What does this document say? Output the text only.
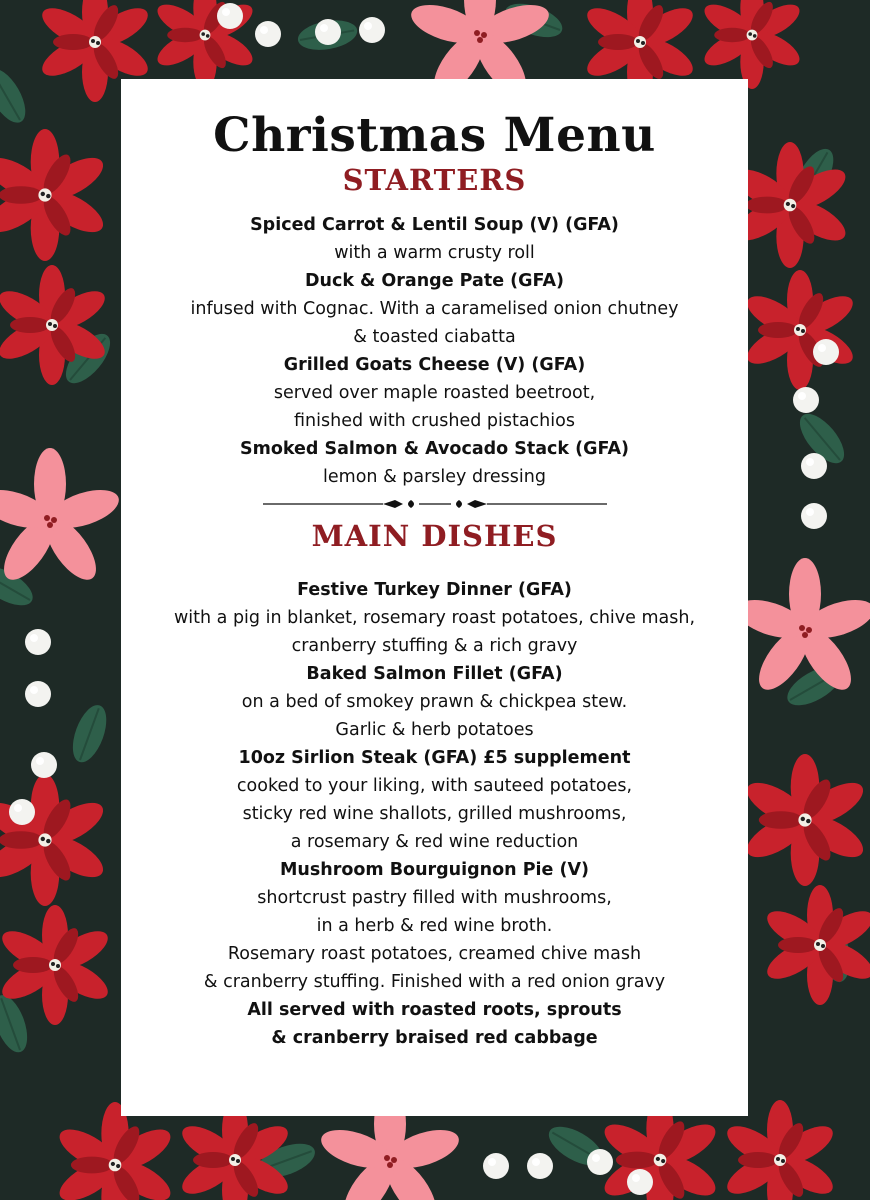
Christmas Menu
STARTERS
Spiced Carrot & Lentil Soup (V) (GFA)
with a warm crusty roll
Duck & Orange Pate (GFA)
infused with Cognac. With a caramelised onion chutney
& toasted ciabatta
Grilled Goats Cheese (V) (GFA)
served over maple roasted beetroot,
finished with crushed pistachios
Smoked Salmon & Avocado Stack (GFA)
lemon & parsley dressing
MAIN DISHES
Festive Turkey Dinner (GFA)
with a pig in blanket, rosemary roast potatoes, chive mash,
cranberry stuffing & a rich gravy
Baked Salmon Fillet (GFA)
on a bed of smokey prawn & chickpea stew.
Garlic & herb potatoes
10oz Sirlion Steak (GFA) £5 supplement
cooked to your liking, with sauteed potatoes,
sticky red wine shallots, grilled mushrooms,
a rosemary & red wine reduction
Mushroom Bourguignon Pie (V)
shortcrust pastry filled with mushrooms,
in a herb & red wine broth.
Rosemary roast potatoes, creamed chive mash
& cranberry stuffing. Finished with a red onion gravy
All served with roasted roots, sprouts
& cranberry braised red cabbage
